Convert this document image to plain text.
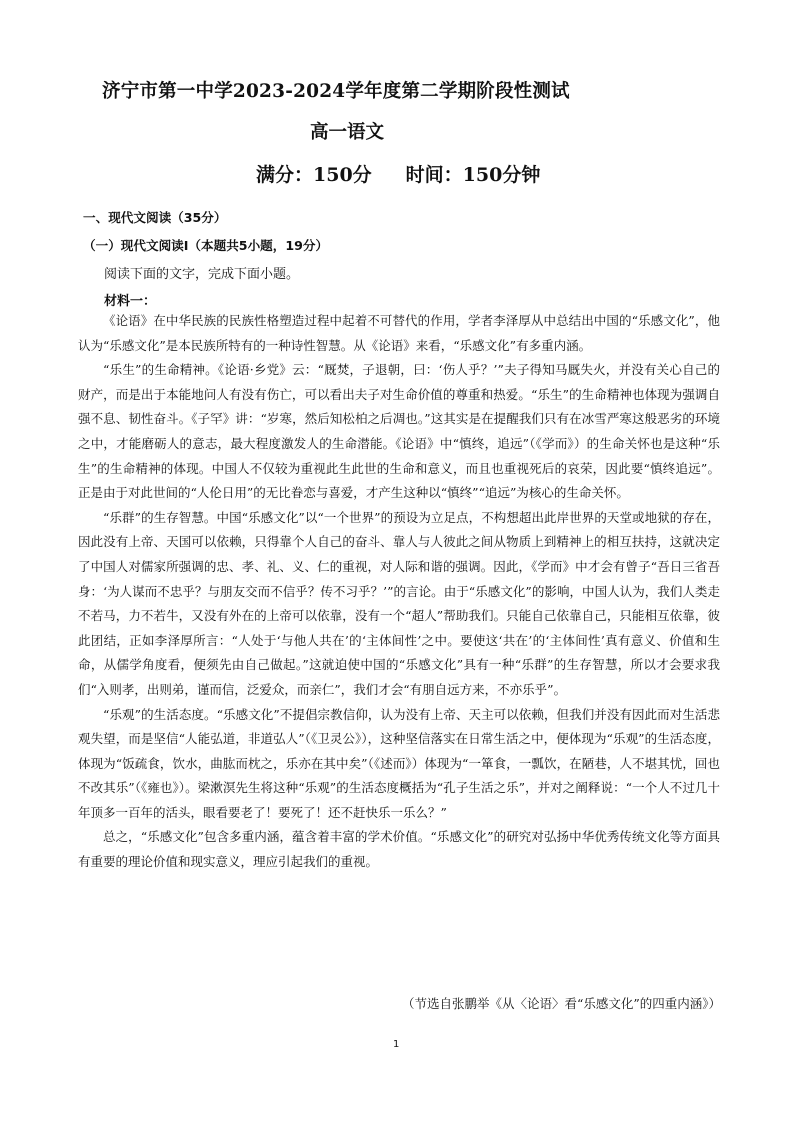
济宁市第一中学2023-2024学年度第二学期阶段性测试
高一语文
满分：150分 时间：150分钟
一、现代文阅读（35分）
（一）现代文阅读Ⅰ（本题共5小题，19分）
阅读下面的文字，完成下面小题。
材料一：

《论语》在中华民族的民族性格塑造过程中起着不可替代的作用，学者李泽厚从中总结出中国的“乐感文化”，他认为“乐感文化”是本民族所特有的一种诗性智慧。从《论语》来看，“乐感文化”有多重内涵。

“乐生”的生命精神。《论语·乡党》云：“厩焚，子退朝，曰：‘伤人乎？’”夫子得知马厩失火，并没有关心自己的财产，而是出于本能地问人有没有伤亡，可以看出夫子对生命价值的尊重和热爱。“乐生”的生命精神也体现为强调自强不息、韧性奋斗。《子罕》讲：“岁寒，然后知松柏之后凋也。”这其实是在提醒我们只有在冰雪严寒这般恶劣的环境之中，才能磨砺人的意志，最大程度激发人的生命潜能。《论语》中“慎终，追远”（《学而》）的生命关怀也是这种“乐生”的生命精神的体现。中国人不仅较为重视此生此世的生命和意义，而且也重视死后的哀荣，因此要“慎终追远”。正是由于对此世间的“人伦日用”的无比眷恋与喜爱，才产生这种以“慎终”“追远”为核心的生命关怀。

“乐群”的生存智慧。中国“乐感文化”以“一个世界”的预设为立足点，不构想超出此岸世界的天堂或地狱的存在，因此没有上帝、天国可以依赖，只得靠个人自己的奋斗、靠人与人彼此之间从物质上到精神上的相互扶持，这就决定了中国人对儒家所强调的忠、孝、礼、义、仁的重视，对人际和谐的强调。因此，《学而》中才会有曾子“吾日三省吾身：‘为人谋而不忠乎？与朋友交而不信乎？传不习乎？’”的言论。由于“乐感文化”的影响，中国人认为，我们人类走不若马，力不若牛，又没有外在的上帝可以依靠，没有一个“超人”帮助我们。只能自己依靠自己，只能相互依靠，彼此团结，正如李泽厚所言：“人处于‘与他人共在’的‘主体间性’之中。要使这‘共在’的‘主体间性’真有意义、价值和生命，从儒学角度看，便须先由自己做起。”这就迫使中国的“乐感文化”具有一种“乐群”的生存智慧，所以才会要求我们“入则孝，出则弟，谨而信，泛爱众，而亲仁”，我们才会“有朋自远方来，不亦乐乎”。

“乐观”的生活态度。“乐感文化”不提倡宗教信仰，认为没有上帝、天主可以依赖，但我们并没有因此而对生活悲观失望，而是坚信“人能弘道，非道弘人”（《卫灵公》），这种坚信落实在日常生活之中，便体现为“乐观”的生活态度，体现为“饭疏食，饮水，曲肱而枕之，乐亦在其中矣”（《述而》）体现为“一箪食，一瓢饮，在陋巷，人不堪其忧，回也不改其乐”（《雍也》）。梁漱溟先生将这种“乐观”的生活态度概括为“孔子生活之乐”，并对之阐释说：“一个人不过几十年顶多一百年的活头，眼看要老了！要死了！还不赶快乐一乐么？”

总之，“乐感文化”包含多重内涵，蕴含着丰富的学术价值。“乐感文化”的研究对弘扬中华优秀传统文化等方面具有重要的理论价值和现实意义，理应引起我们的重视。

（节选自张鹏举《从〈论语〉看“乐感文化”的四重内涵》）
1
